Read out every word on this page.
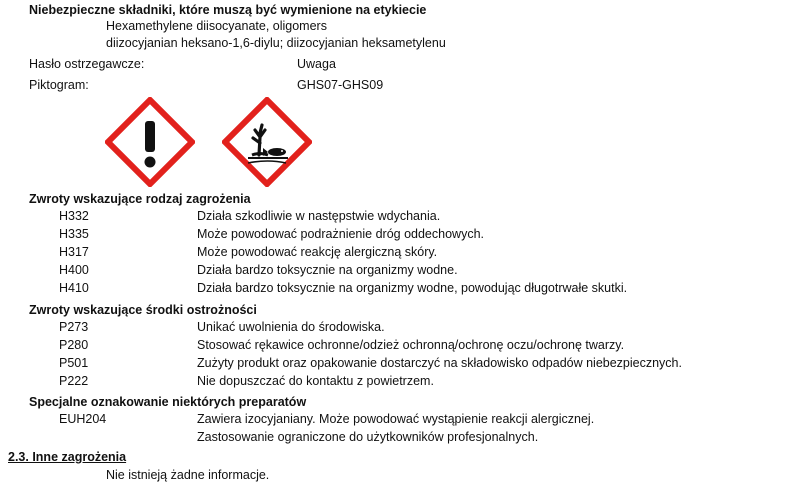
Niebezpieczne składniki, które muszą być wymienione na etykiecie
Hexamethylene diisocyanate, oligomers
diizocyjanian heksano-1,6-diylu; diizocyjanian heksametylenu
Hasło ostrzegawcze:	Uwaga
Piktogram:	GHS07-GHS09
Zwroty wskazujące rodzaj zagrożenia
H332	Działa szkodliwie w następstwie wdychania.
H335	Może powodować podrażnienie dróg oddechowych.
H317	Może powodować reakcję alergiczną skóry.
H400	Działa bardzo toksycznie na organizmy wodne.
H410	Działa bardzo toksycznie na organizmy wodne, powodując długotrwałe skutki.
Zwroty wskazujące środki ostrożności
P273	Unikać uwolnienia do środowiska.
P280	Stosować rękawice ochronne/odzież ochronną/ochronę oczu/ochronę twarzy.
P501	Zużyty produkt oraz opakowanie dostarczyć na składowisko odpadów niebezpiecznych.
P222	Nie dopuszczać do kontaktu z powietrzem.
Specjalne oznakowanie niektórych preparatów
EUH204	Zawiera izocyjaniany. Może powodować wystąpienie reakcji alergicznej.
Zastosowanie ograniczone do użytkowników profesjonalnych.
2.3. Inne zagrożenia
Nie istnieją żadne informacje.
